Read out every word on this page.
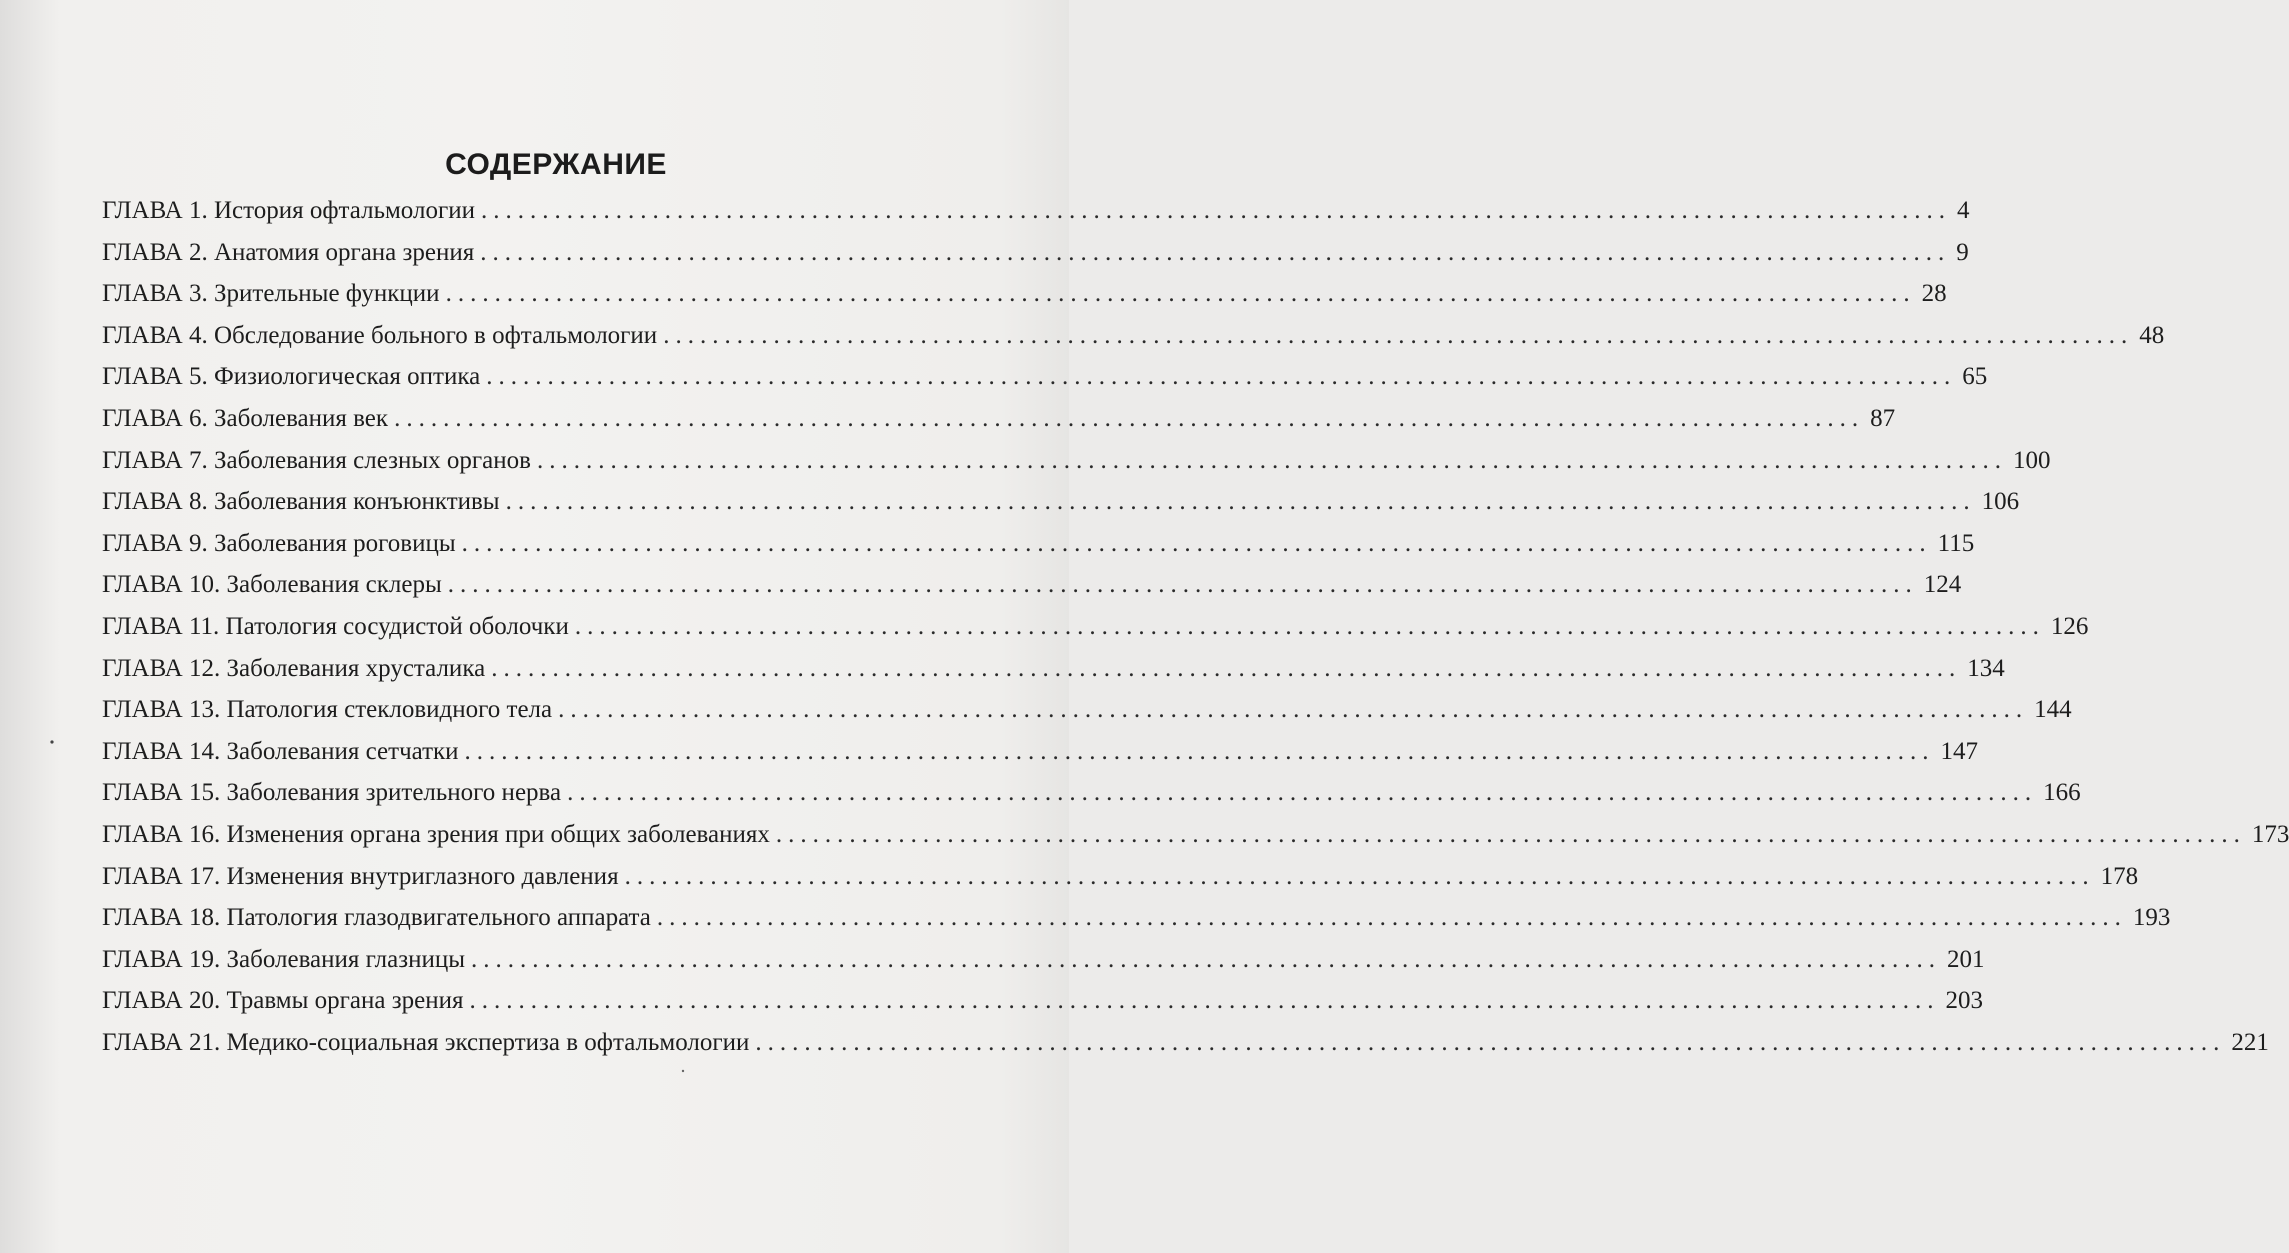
СОДЕРЖАНИЕ
ГЛАВА 1. История офтальмологии ........................................................................................................................ 4
ГЛАВА 2. Анатомия органа зрения ........................................................................................................................ 9
ГЛАВА 3. Зрительные функции ........................................................................................................................ 28
ГЛАВА 4. Обследование больного в офтальмологии ........................................................................................................................ 48
ГЛАВА 5. Физиологическая оптика ........................................................................................................................ 65
ГЛАВА 6. Заболевания век ........................................................................................................................ 87
ГЛАВА 7. Заболевания слезных органов ........................................................................................................................ 100
ГЛАВА 8. Заболевания конъюнктивы ........................................................................................................................ 106
ГЛАВА 9. Заболевания роговицы ........................................................................................................................ 115
ГЛАВА 10. Заболевания склеры ........................................................................................................................ 124
ГЛАВА 11. Патология сосудистой оболочки ........................................................................................................................ 126
ГЛАВА 12. Заболевания хрусталика ........................................................................................................................ 134
ГЛАВА 13. Патология стекловидного тела ........................................................................................................................ 144
ГЛАВА 14. Заболевания сетчатки ........................................................................................................................ 147
ГЛАВА 15. Заболевания зрительного нерва ........................................................................................................................ 166
ГЛАВА 16. Изменения органа зрения при общих заболеваниях ........................................................................................................................ 173
ГЛАВА 17. Изменения внутриглазного давления ........................................................................................................................ 178
ГЛАВА 18. Патология глазодвигательного аппарата ........................................................................................................................ 193
ГЛАВА 19. Заболевания глазницы ........................................................................................................................ 201
ГЛАВА 20. Травмы органа зрения ........................................................................................................................ 203
ГЛАВА 21. Медико-социальная экспертиза в офтальмологии ........................................................................................................................ 221
